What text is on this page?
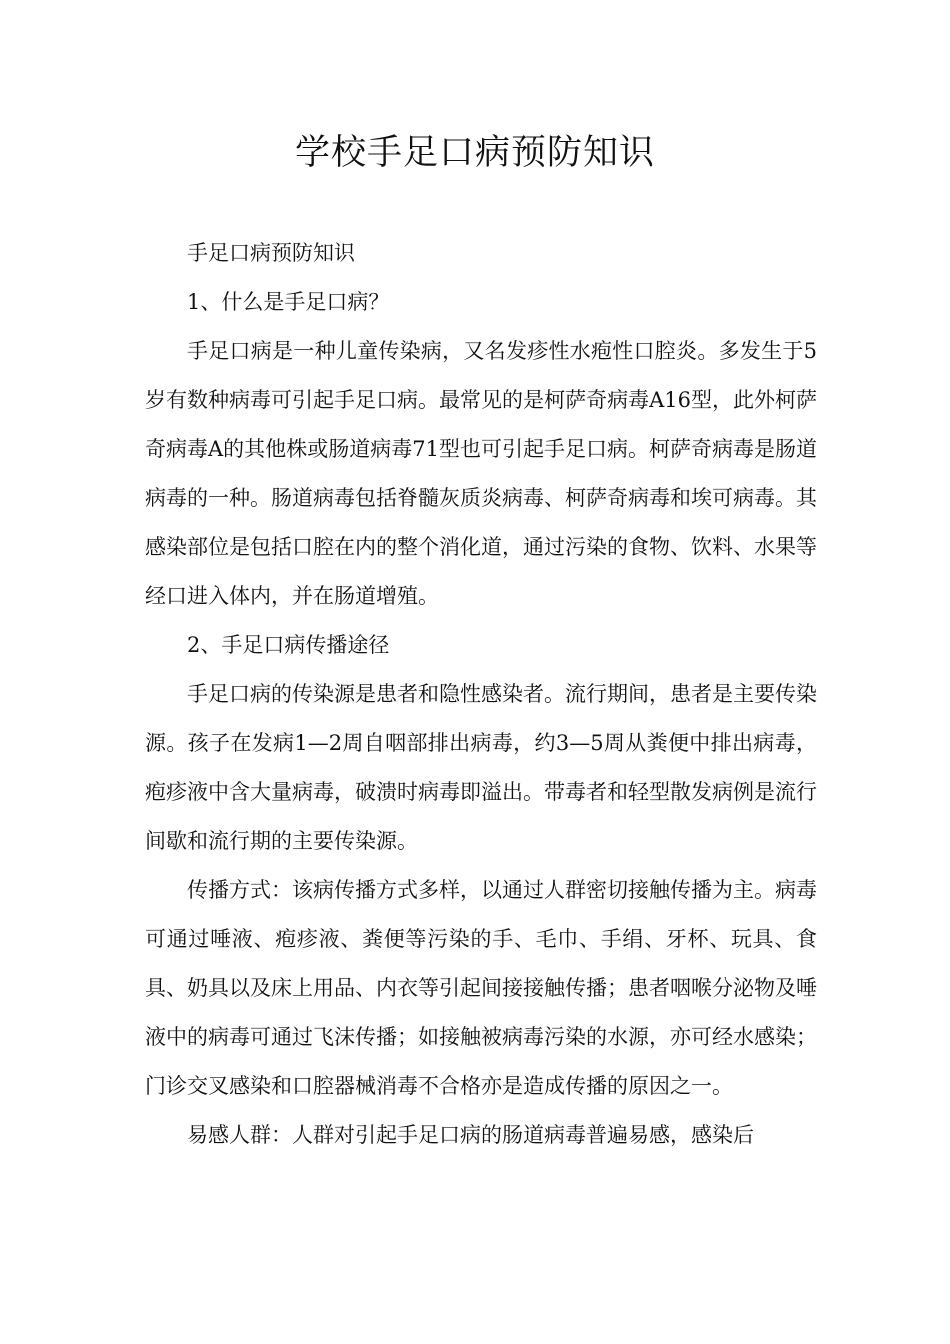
学校手足口病预防知识

手足口病预防知识

1、什么是手足口病？

手足口病是一种儿童传染病，又名发疹性水疱性口腔炎。多发生于5岁有数种病毒可引起手足口病。最常见的是柯萨奇病毒A16型，此外柯萨奇病毒A的其他株或肠道病毒71型也可引起手足口病。柯萨奇病毒是肠道病毒的一种。肠道病毒包括脊髓灰质炎病毒、柯萨奇病毒和埃可病毒。其感染部位是包括口腔在内的整个消化道，通过污染的食物、饮料、水果等经口进入体内，并在肠道增殖。

2、手足口病传播途径

手足口病的传染源是患者和隐性感染者。流行期间，患者是主要传染源。孩子在发病1—2周自咽部排出病毒，约3—5周从粪便中排出病毒，疱疹液中含大量病毒，破溃时病毒即溢出。带毒者和轻型散发病例是流行间歇和流行期的主要传染源。

传播方式：该病传播方式多样，以通过人群密切接触传播为主。病毒可通过唾液、疱疹液、粪便等污染的手、毛巾、手绢、牙杯、玩具、食具、奶具以及床上用品、内衣等引起间接接触传播；患者咽喉分泌物及唾液中的病毒可通过飞沫传播；如接触被病毒污染的水源，亦可经水感染；门诊交叉感染和口腔器械消毒不合格亦是造成传播的原因之一。

易感人群：人群对引起手足口病的肠道病毒普遍易感，感染后
